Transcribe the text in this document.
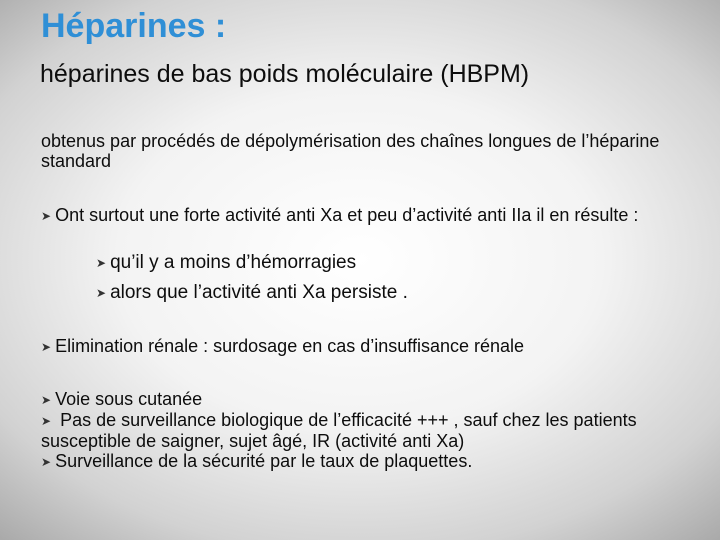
Héparines :
héparines de bas poids moléculaire (HBPM)
obtenus par procédés de dépolymérisation des chaînes longues de l’héparine standard
➤ Ont surtout une forte activité anti Xa et peu d’activité anti IIa il en résulte :
➤ qu’il y a moins d’hémorragies
➤ alors que l’activité anti Xa persiste .
➤ Elimination rénale : surdosage en cas d’insuffisance rénale
➤ Voie sous cutanée
➤ Pas de surveillance biologique de l’efficacité +++ , sauf chez les patients susceptible de saigner, sujet âgé, IR (activité anti Xa)
➤ Surveillance de la sécurité par le taux de plaquettes.
